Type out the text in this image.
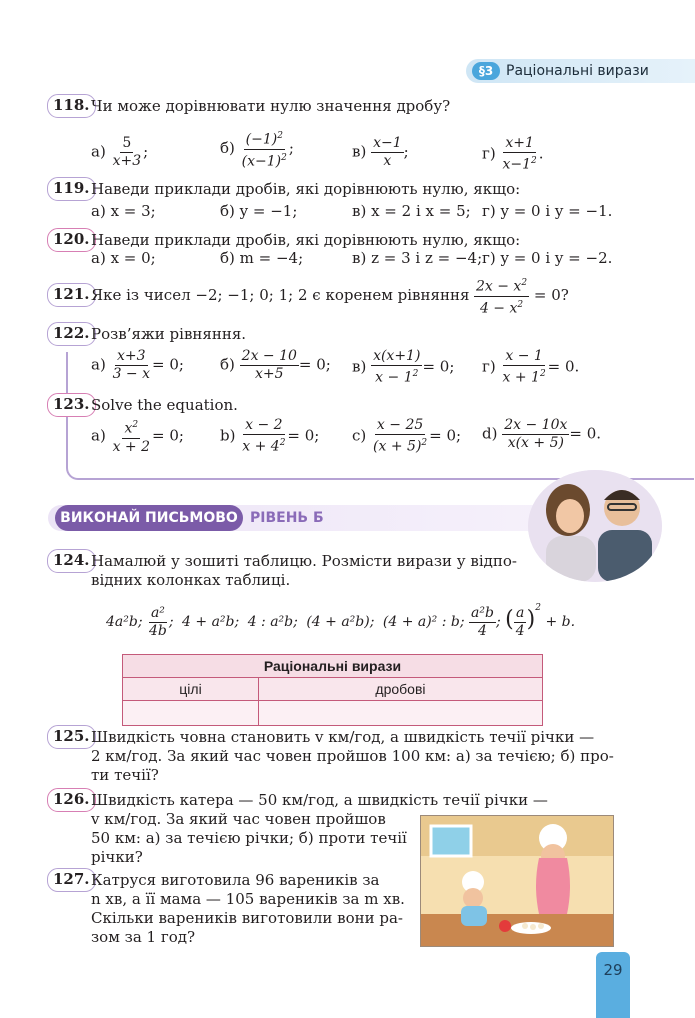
§3 Раціональні вирази
118. Чи може дорівнювати нулю значення дробу?
$а) \frac{5}{x+3}$ ;	$б) \frac{(-1)^2}{(x-1)^2}$ ;	$в) \frac{x-1}{x}$ ;	$г) \frac{x+1}{x-1^2}$ .
119. Наведи приклади дробів, які дорівнюють нулю, якщо:
а) x = 3;	б) y = −1;	в) x = 2 і x = 5; г) y = 0 і y = −1.
120. Наведи приклади дробів, які дорівнюють нулю, якщо:
а) x = 0;	б) m = −4;	в) z = 3 і z = −4; г) y = 0 і y = −2.
121. Яке із чисел −2; −1; 0; 1; 2 є коренем рівняння $\frac{2x - x^2}{4 - x^2} = 0$?
122. Розв’яжи рівняння.
$а) \frac{x+3}{3 - x} = 0$; $б) \frac{2x - 10}{x+5} = 0$; $в) \frac{x(x+1)}{x - 1^2} = 0$; $г) \frac{x - 1}{x + 1^2} = 0$.
123. Solve the equation.
$a) \frac{x^2}{x + 2} = 0$; $b) \frac{x - 2}{x + 4^2} = 0$; $c) \frac{x - 25}{(x + 5)^2} = 0$; $d) \frac{2x - 10x}{x(x + 5)} = 0$.
ВИКОНАЙ ПИСЬМОВО РІВЕНЬ Б
124. Намалюй у зошиті таблицю. Розмісти вирази у відпо-
відних колонках таблиці.
4a²b; $\frac{\text{a²}}{4b}$ ; 4 + a²b; 4 : a²b; (4 + a²b); (4 + a)² : b; $\frac{\text{a²b}}{4}$ ; ( $\frac{a}{4} )^2 + b$.
Раціональні вирази	
цілі	дробові

125. Швидкість човна становить v км/год, а швидкість течії річки —
2 км/год. За який час човен пройшов 100 км: а) за течією; б) про-
ти течії?
126. Швидкість катера — 50 км/год, а швидкість течії річки —
v км/год. За який час човен пройшов
50 км: а) за течією річки; б) проти течії
річки?
127. Катруся виготовила 96 вареників за
n хв, а її мама — 105 вареників за m хв.
Скільки вареників виготовили вони ра-
зом за 1 год?
29
